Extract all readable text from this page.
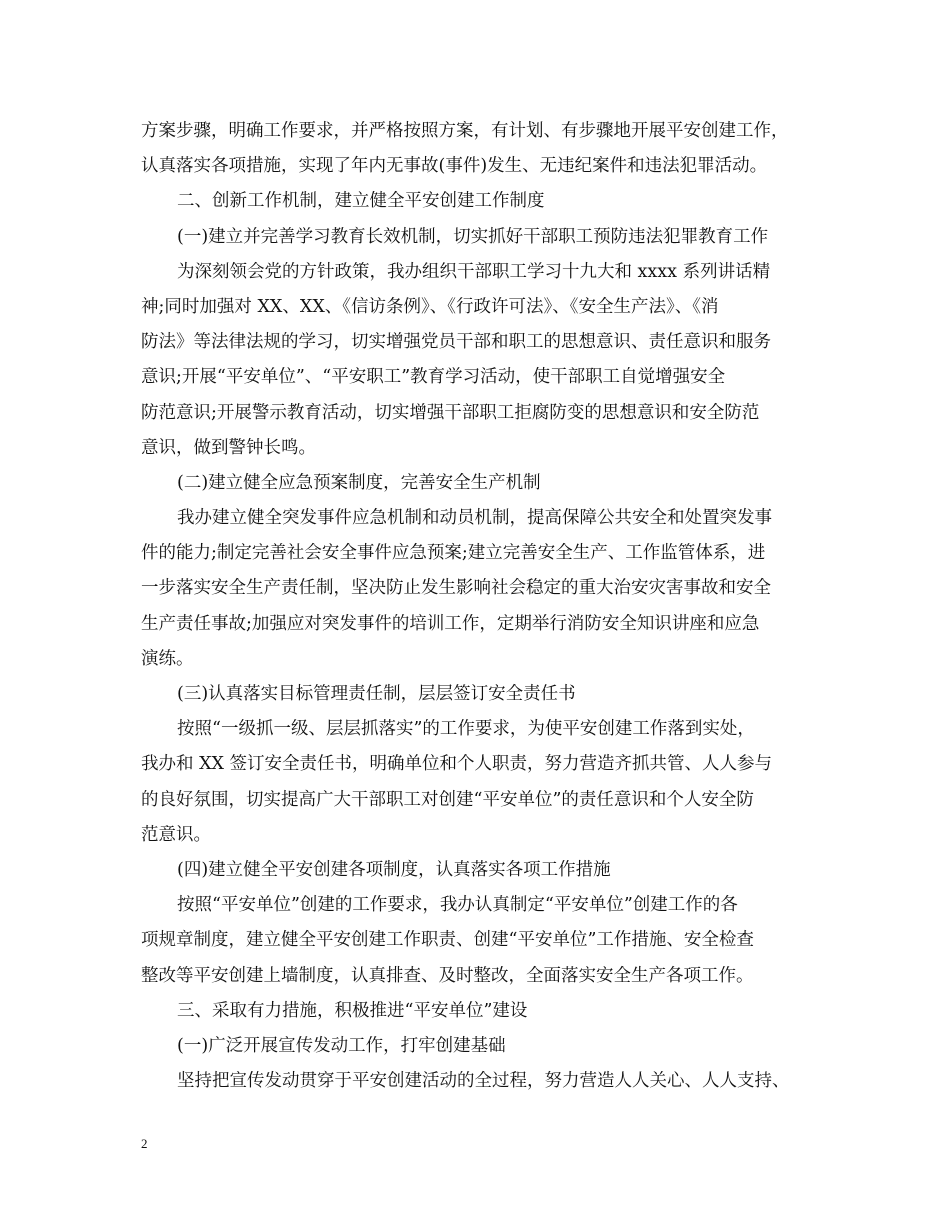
方案步骤，明确工作要求，并严格按照方案，有计划、有步骤地开展平安创建工作，
认真落实各项措施，实现了年内无事故(事件)发生、无违纪案件和违法犯罪活动。
二、创新工作机制，建立健全平安创建工作制度
(一)建立并完善学习教育长效机制，切实抓好干部职工预防违法犯罪教育工作
为深刻领会党的方针政策，我办组织干部职工学习十九大和 xxxx 系列讲话精
神;同时加强对 XX、XX、《信访条例》、《行政许可法》、《安全生产法》、《消
防法》等法律法规的学习，切实增强党员干部和职工的思想意识、责任意识和服务
意识;开展“平安单位”、“平安职工”教育学习活动，使干部职工自觉增强安全
防范意识;开展警示教育活动，切实增强干部职工拒腐防变的思想意识和安全防范
意识，做到警钟长鸣。
(二)建立健全应急预案制度，完善安全生产机制
我办建立健全突发事件应急机制和动员机制，提高保障公共安全和处置突发事
件的能力;制定完善社会安全事件应急预案;建立完善安全生产、工作监管体系，进
一步落实安全生产责任制，坚决防止发生影响社会稳定的重大治安灾害事故和安全
生产责任事故;加强应对突发事件的培训工作，定期举行消防安全知识讲座和应急
演练。
(三)认真落实目标管理责任制，层层签订安全责任书
按照“一级抓一级、层层抓落实”的工作要求，为使平安创建工作落到实处，
我办和 XX 签订安全责任书，明确单位和个人职责，努力营造齐抓共管、人人参与
的良好氛围，切实提高广大干部职工对创建“平安单位”的责任意识和个人安全防
范意识。
(四)建立健全平安创建各项制度，认真落实各项工作措施
按照“平安单位”创建的工作要求，我办认真制定“平安单位”创建工作的各
项规章制度，建立健全平安创建工作职责、创建“平安单位”工作措施、安全检查
整改等平安创建上墙制度，认真排查、及时整改，全面落实安全生产各项工作。
三、采取有力措施，积极推进“平安单位”建设
(一)广泛开展宣传发动工作，打牢创建基础
坚持把宣传发动贯穿于平安创建活动的全过程，努力营造人人关心、人人支持、
2
